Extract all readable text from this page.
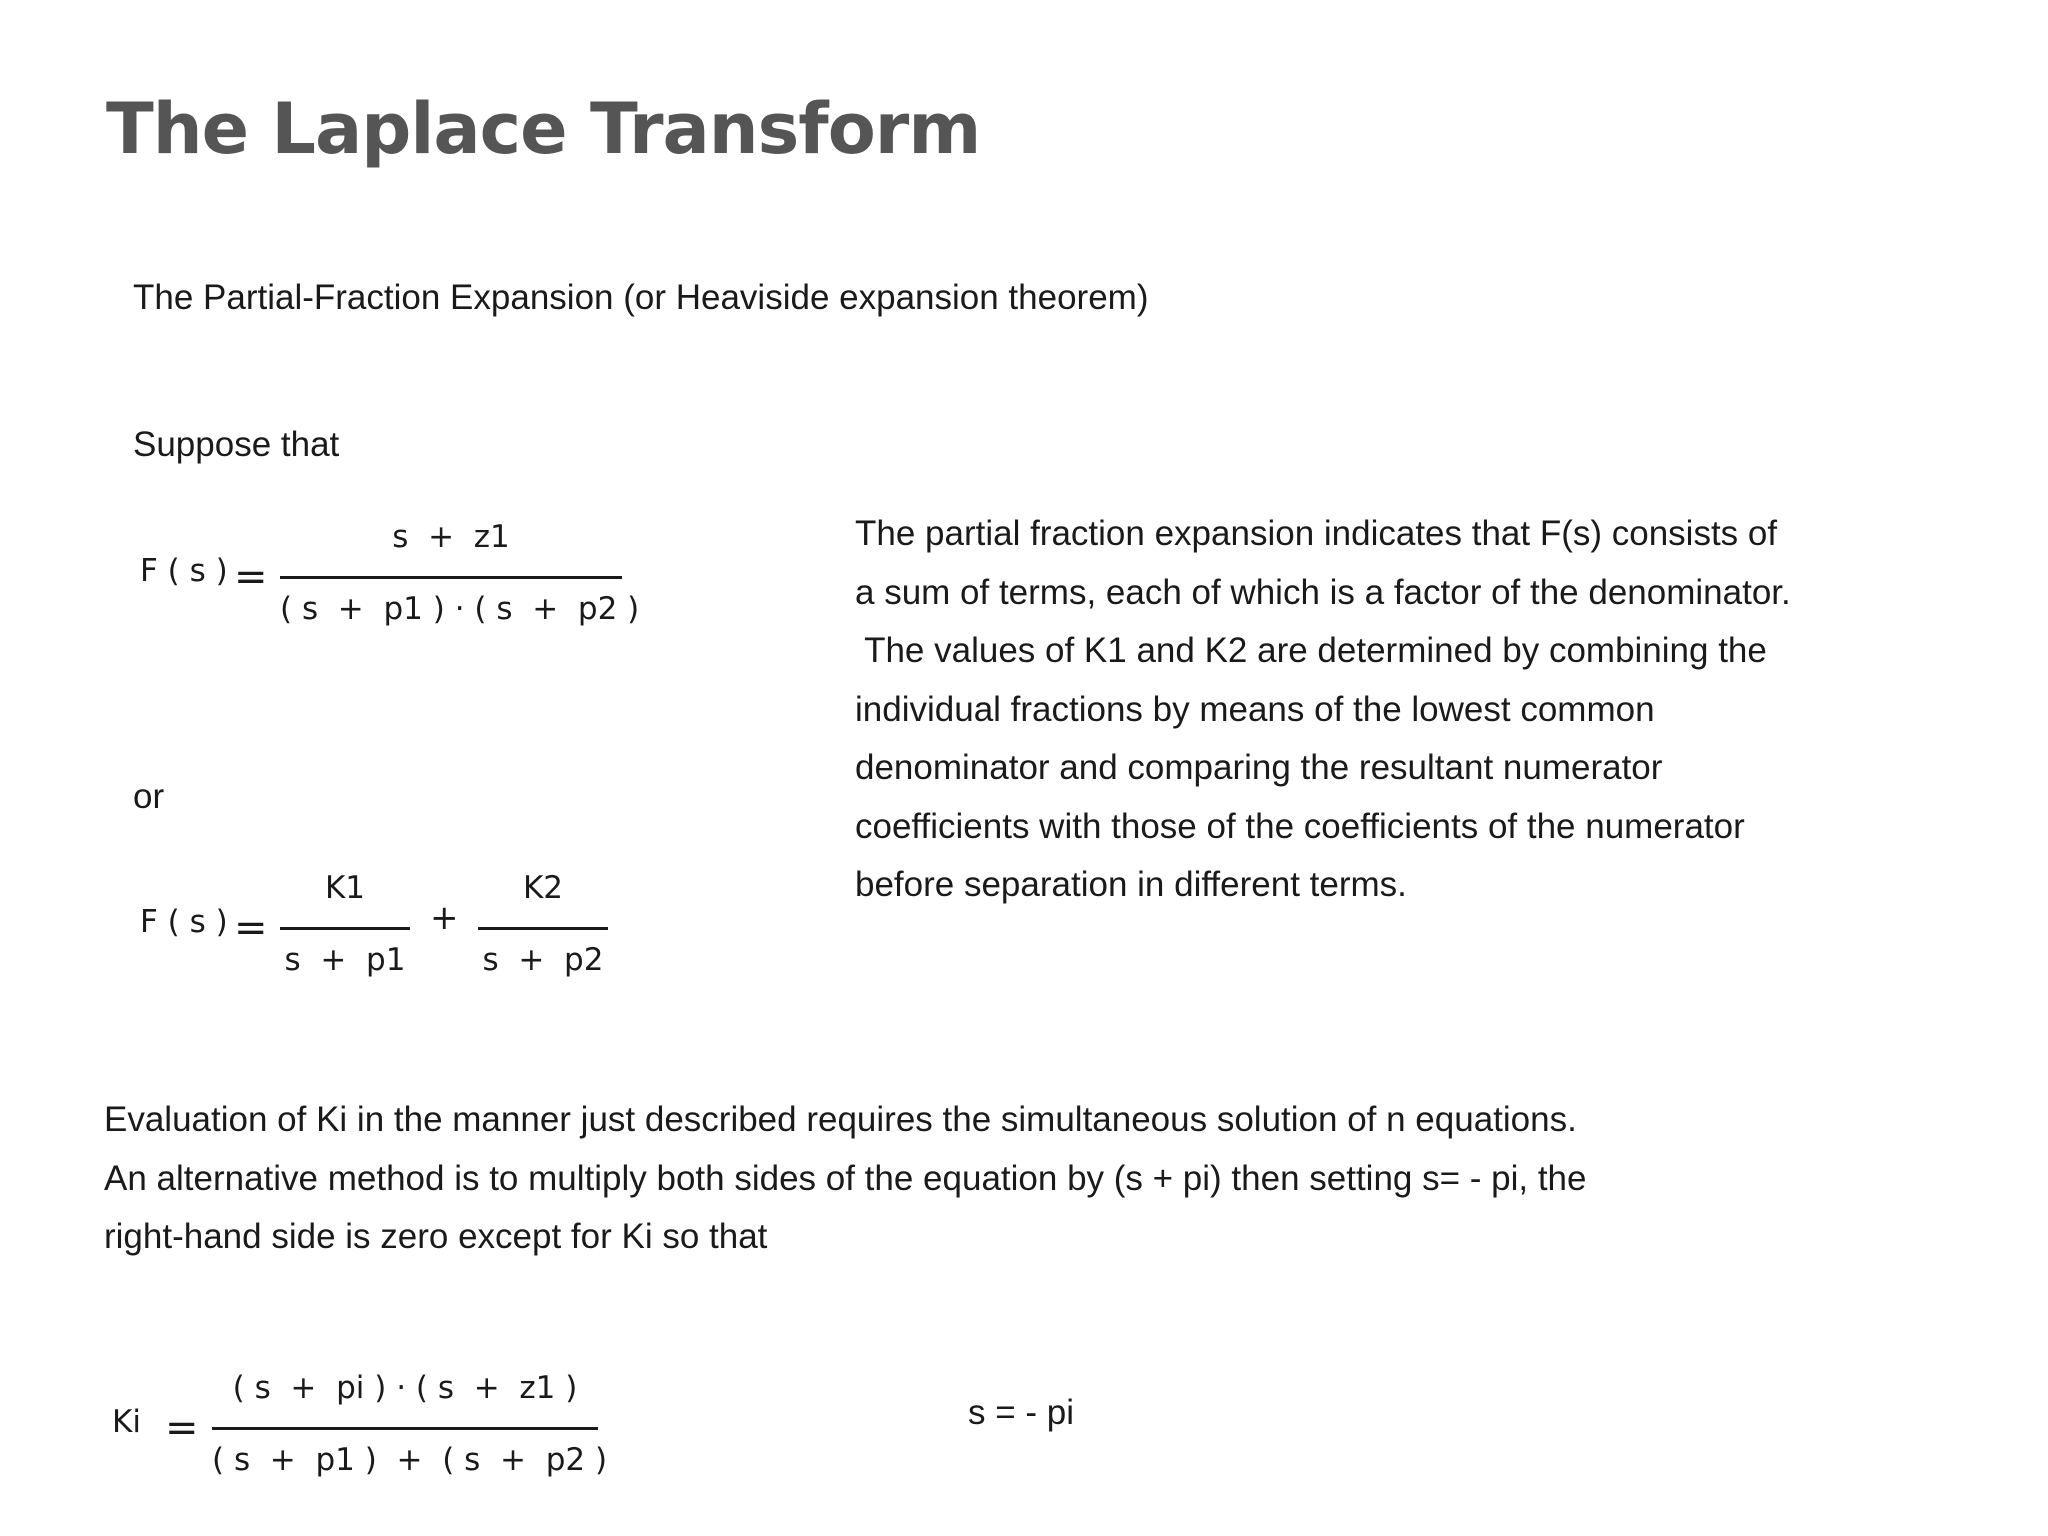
The Laplace Transform
The Partial-Fraction Expansion (or Heaviside expansion theorem)
Suppose that
F ( s ) =
s  +  z1
( s  +  p1 ) · ( s  +  p2 )
or
F ( s ) =
K1
s  +  p1
+
K2
s  +  p2
The partial fraction expansion indicates that F(s) consists of
a sum of terms, each of which is a factor of the denominator.
The values of K1 and K2 are determined by combining the
individual fractions by means of the lowest common
denominator and comparing the resultant numerator
coefficients with those of the coefficients of the numerator
before separation in different terms.
Evaluation of Ki in the manner just described requires the simultaneous solution of n equations.
An alternative method is to multiply both sides of the equation by (s + pi) then setting s= - pi, the
right-hand side is zero except for Ki so that
Ki =
( s  +  pi ) · ( s  +  z1 )
( s  +  p1 )  +  ( s  +  p2 )
s = - pi
